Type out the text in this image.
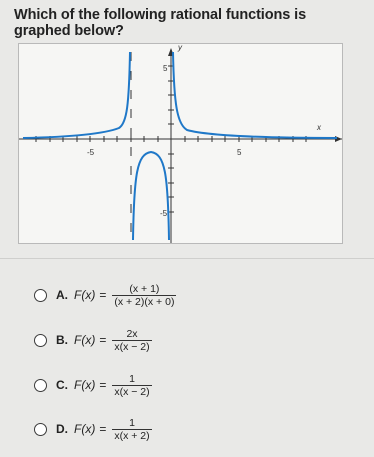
Which of the following rational functions is graphed below?
5
-5
-5	5
y
x
A. $F(x) = \frac{(x + 1)}{(x + 2)(x + 0)}$
B. $F(x) = \frac{2x}{x(x - 2)}$
C. $F(x) = \frac{1}{x(x - 2)}$
D. $F(x) = \frac{1}{x(x + 2)}$
